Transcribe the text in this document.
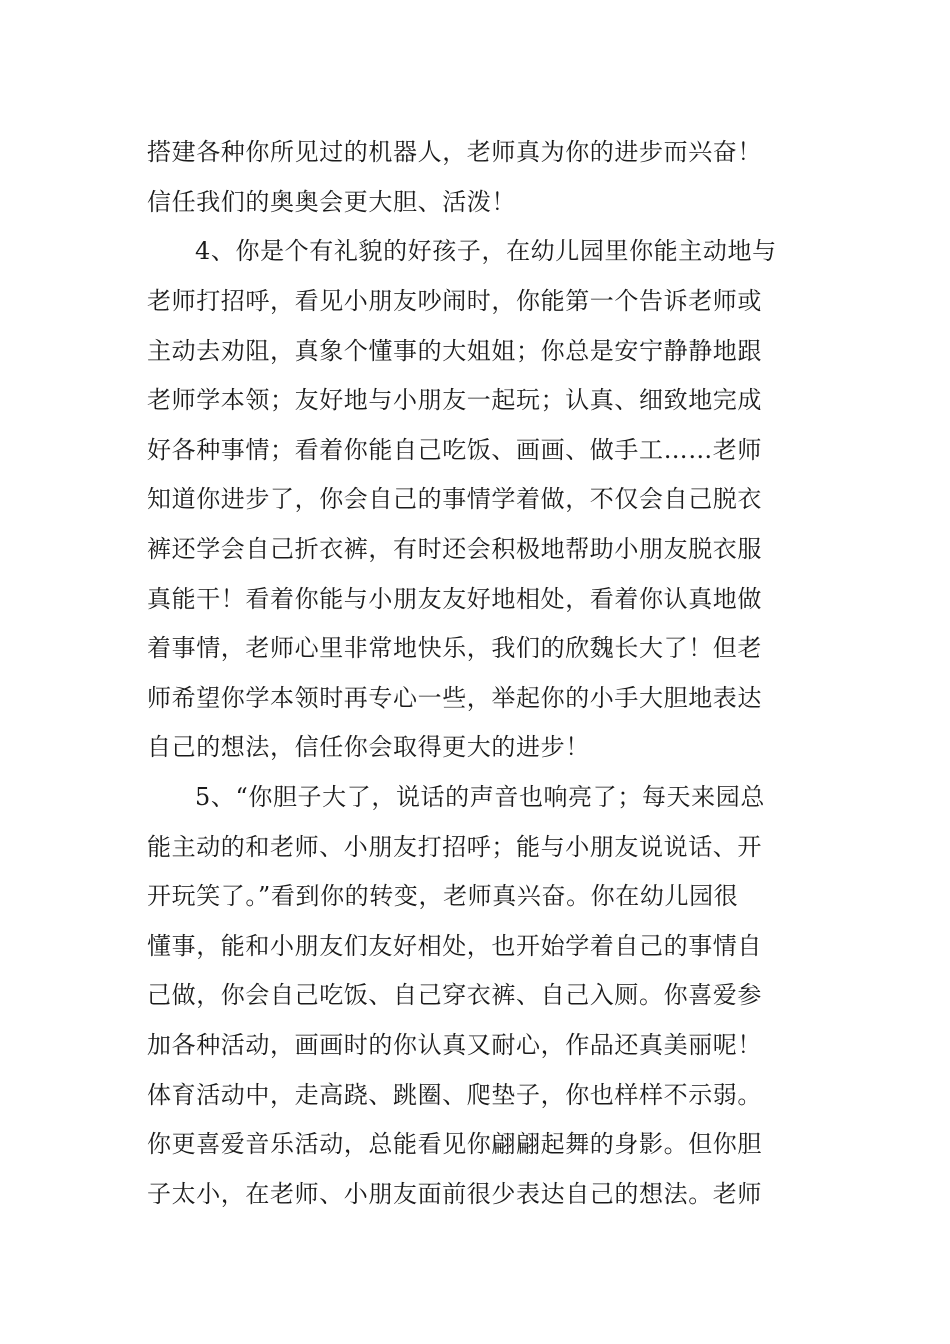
搭建各种你所见过的机器人，老师真为你的进步而兴奋！
信任我们的奥奥会更大胆、活泼！
4、你是个有礼貌的好孩子，在幼儿园里你能主动地与
老师打招呼，看见小朋友吵闹时，你能第一个告诉老师或
主动去劝阻，真象个懂事的大姐姐；你总是安宁静静地跟
老师学本领；友好地与小朋友一起玩；认真、细致地完成
好各种事情；看着你能自己吃饭、画画、做手工……老师
知道你进步了，你会自己的事情学着做，不仅会自己脱衣
裤还学会自己折衣裤，有时还会积极地帮助小朋友脱衣服
真能干！看着你能与小朋友友好地相处，看着你认真地做
着事情，老师心里非常地快乐，我们的欣魏长大了！但老
师希望你学本领时再专心一些，举起你的小手大胆地表达
自己的想法，信任你会取得更大的进步！
5、“你胆子大了，说话的声音也响亮了；每天来园总
能主动的和老师、小朋友打招呼；能与小朋友说说话、开
开玩笑了。”看到你的转变，老师真兴奋。你在幼儿园很
懂事，能和小朋友们友好相处，也开始学着自己的事情自
己做，你会自己吃饭、自己穿衣裤、自己入厕。你喜爱参
加各种活动，画画时的你认真又耐心，作品还真美丽呢！
体育活动中，走高跷、跳圈、爬垫子，你也样样不示弱。
你更喜爱音乐活动，总能看见你翩翩起舞的身影。但你胆
子太小，在老师、小朋友面前很少表达自己的想法。老师
